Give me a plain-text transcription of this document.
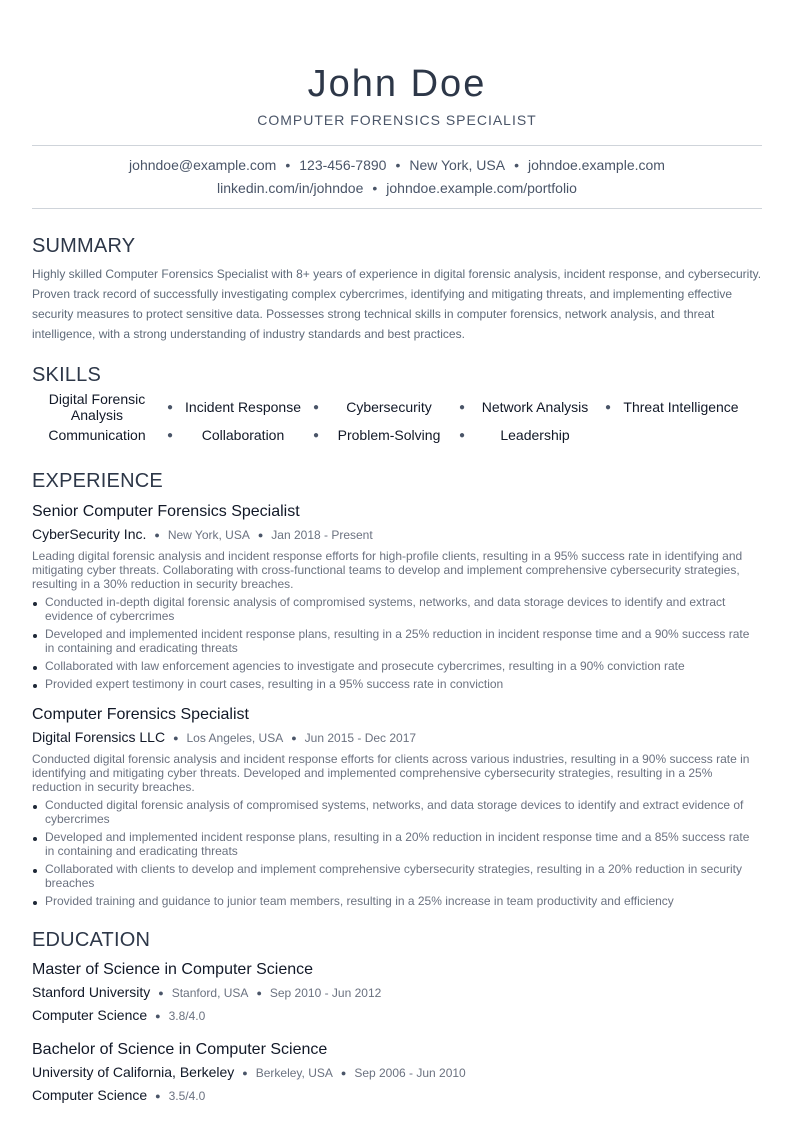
John Doe
COMPUTER FORENSICS SPECIALIST
johndoe@example.com • 123-456-7890 • New York, USA • johndoe.example.com
linkedin.com/in/johndoe • johndoe.example.com/portfolio
SUMMARY
Highly skilled Computer Forensics Specialist with 8+ years of experience in digital forensic analysis, incident response, and cybersecurity. Proven track record of successfully investigating complex cybercrimes, identifying and mitigating threats, and implementing effective security measures to protect sensitive data. Possesses strong technical skills in computer forensics, network analysis, and threat intelligence, with a strong understanding of industry standards and best practices.
SKILLS
Digital Forensic Analysis	● Incident Response	●	Cybersecurity	●	Network Analysis	● Threat Intelligence
Communication	●	Collaboration	●	Problem-Solving	●	Leadership
EXPERIENCE
Senior Computer Forensics Specialist
CyberSecurity Inc. ● New York, USA ● Jan 2018 - Present
Leading digital forensic analysis and incident response efforts for high-profile clients, resulting in a 95% success rate in identifying and mitigating cyber threats. Collaborating with cross-functional teams to develop and implement comprehensive cybersecurity strategies, resulting in a 30% reduction in security breaches.
Conducted in-depth digital forensic analysis of compromised systems, networks, and data storage devices to identify and extract evidence of cybercrimes
Developed and implemented incident response plans, resulting in a 25% reduction in incident response time and a 90% success rate in containing and eradicating threats
Collaborated with law enforcement agencies to investigate and prosecute cybercrimes, resulting in a 90% conviction rate
Provided expert testimony in court cases, resulting in a 95% success rate in conviction
Computer Forensics Specialist
Digital Forensics LLC ● Los Angeles, USA ● Jun 2015 - Dec 2017
Conducted digital forensic analysis and incident response efforts for clients across various industries, resulting in a 90% success rate in identifying and mitigating cyber threats. Developed and implemented comprehensive cybersecurity strategies, resulting in a 25% reduction in security breaches.
Conducted digital forensic analysis of compromised systems, networks, and data storage devices to identify and extract evidence of cybercrimes
Developed and implemented incident response plans, resulting in a 20% reduction in incident response time and a 85% success rate in containing and eradicating threats
Collaborated with clients to develop and implement comprehensive cybersecurity strategies, resulting in a 20% reduction in security breaches
Provided training and guidance to junior team members, resulting in a 25% increase in team productivity and efficiency
EDUCATION
Master of Science in Computer Science
Stanford University ● Stanford, USA ● Sep 2010 - Jun 2012
Computer Science ● 3.8/4.0
Bachelor of Science in Computer Science
University of California, Berkeley ● Berkeley, USA ● Sep 2006 - Jun 2010
Computer Science ● 3.5/4.0
